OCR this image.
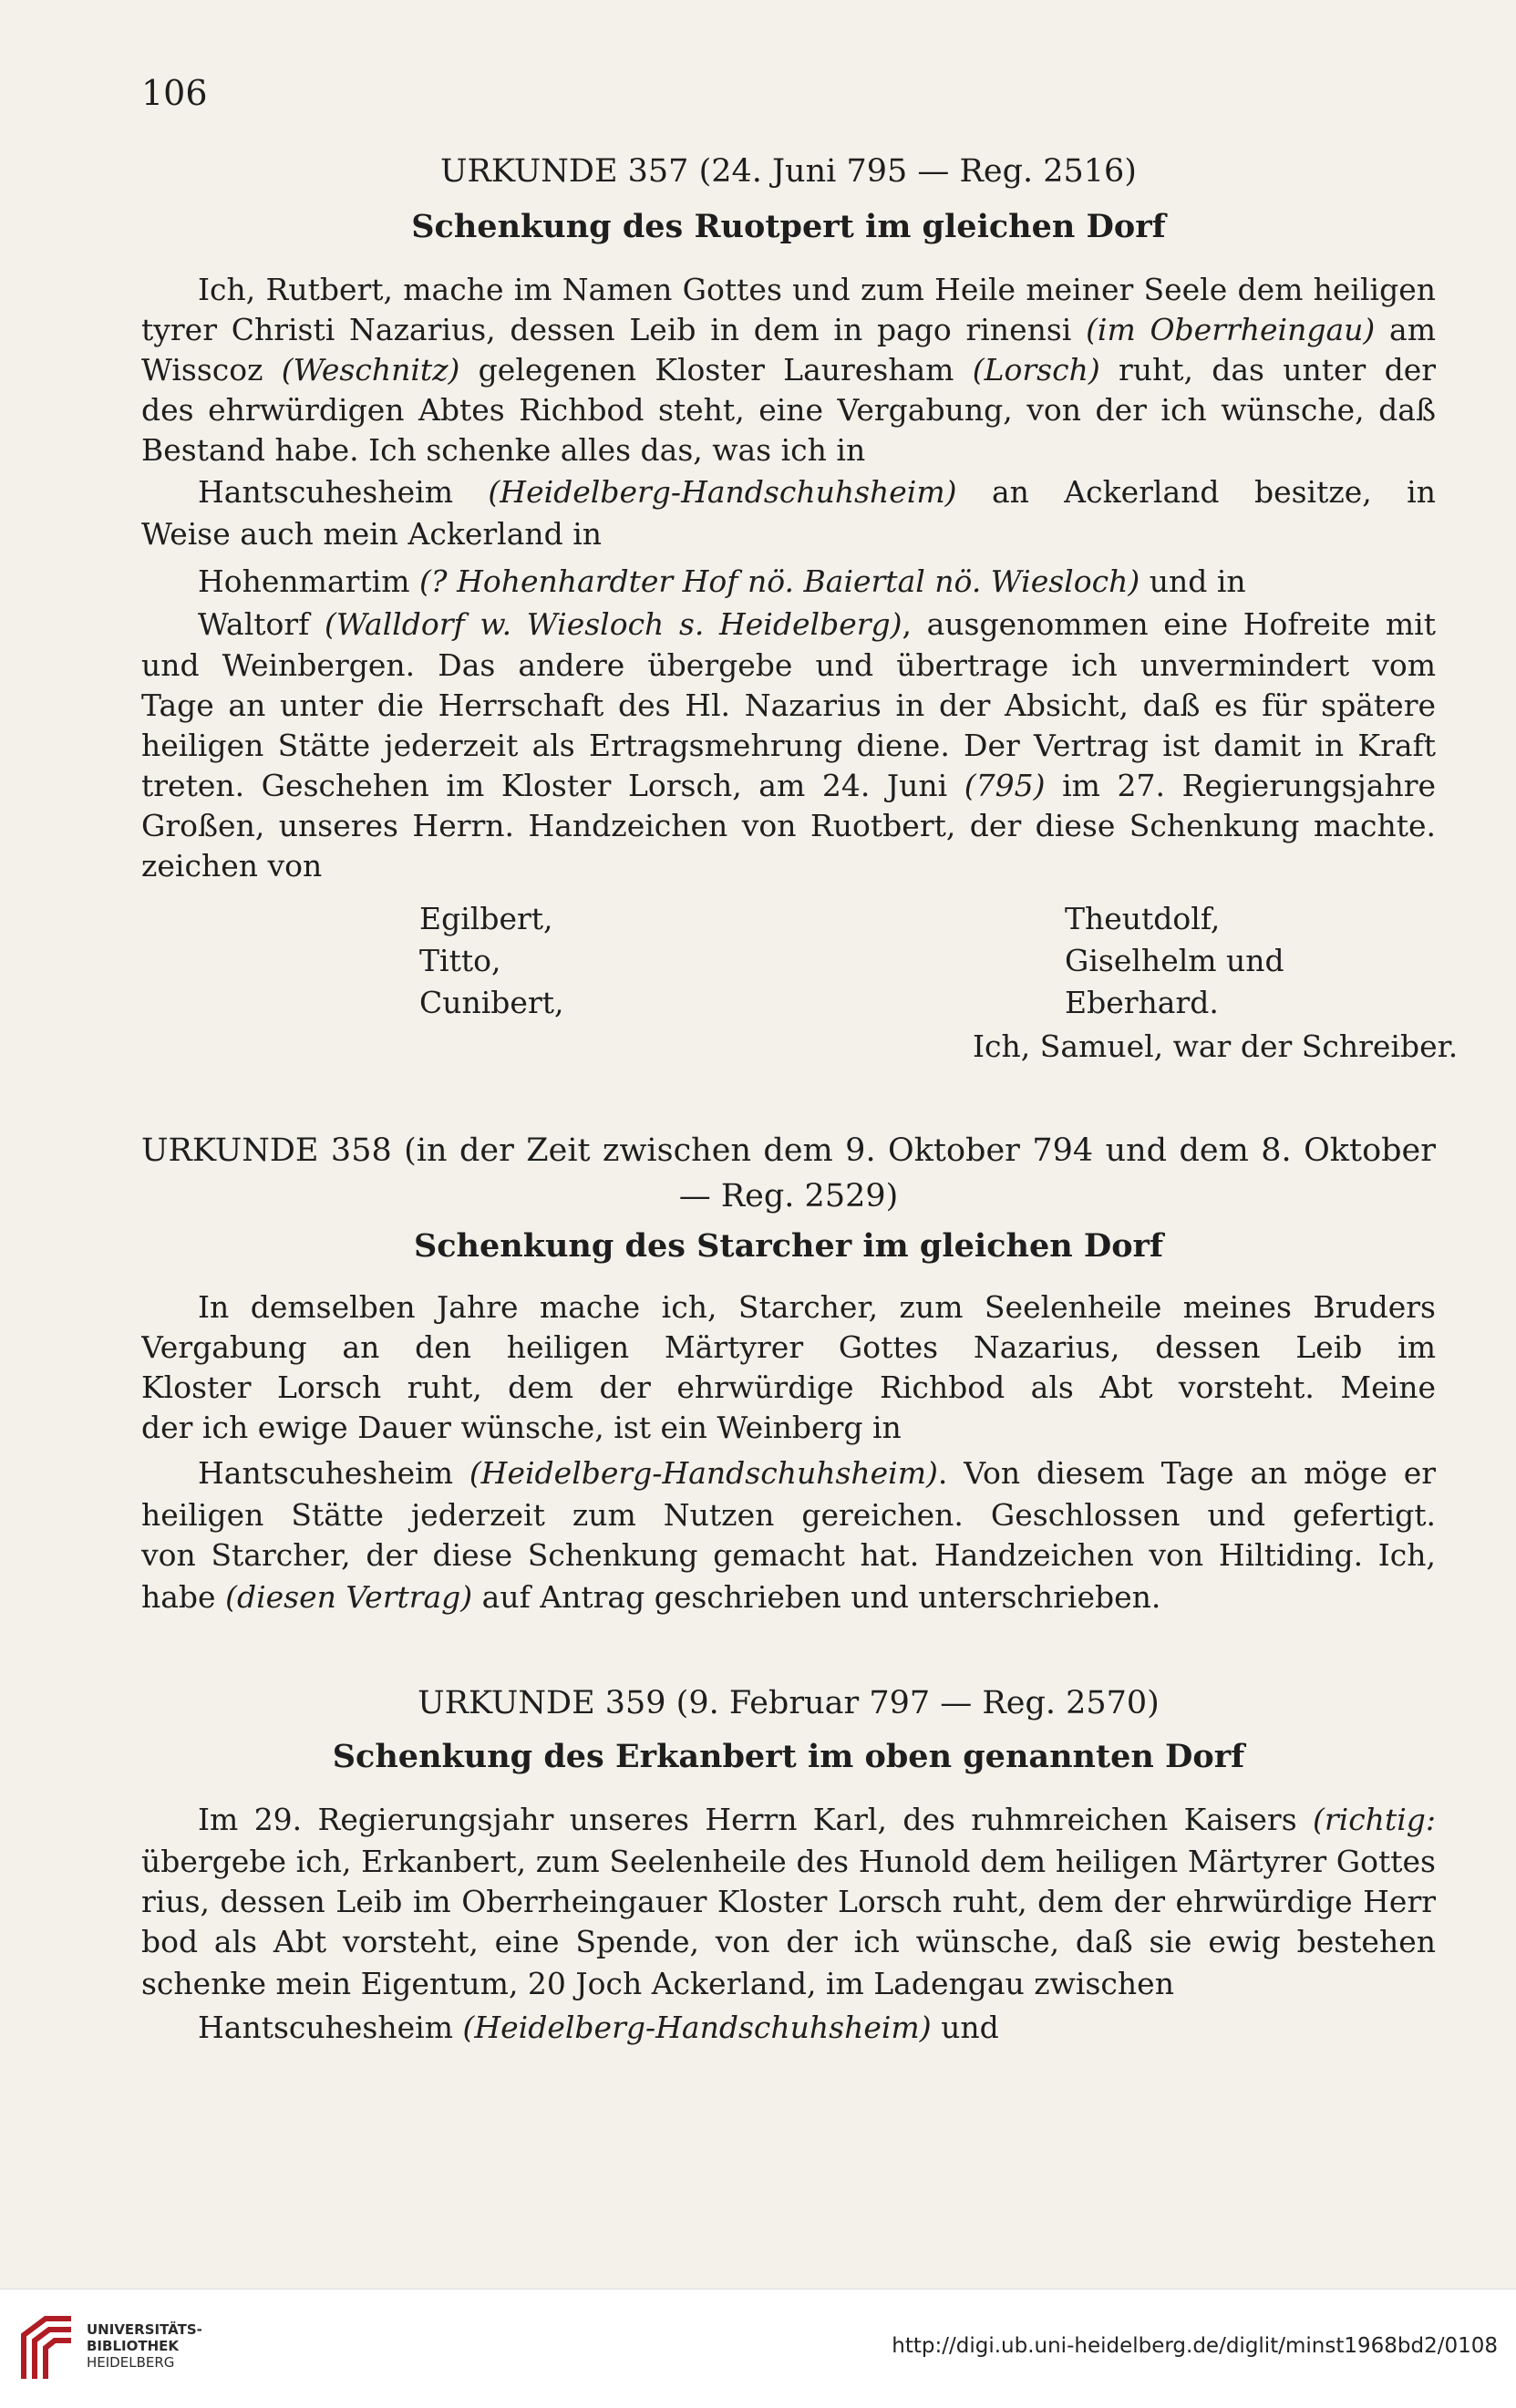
106
URKUNDE 357 (24. Juni 795 — Reg. 2516)
Schenkung des Ruotpert im gleichen Dorf
Ich, Rutbert, mache im Namen Gottes und zum Heile meiner Seele dem heiligen
tyrer Christi Nazarius, dessen Leib in dem in pago rinensi (im Oberrheingau) am
Wisscoz (Weschnitz) gelegenen Kloster Lauresham (Lorsch) ruht, das unter der
des ehrwürdigen Abtes Richbod steht, eine Vergabung, von der ich wünsche, daß
Bestand habe. Ich schenke alles das, was ich in
Hantscuhesheim (Heidelberg-Handschuhsheim) an Ackerland besitze, in
Weise auch mein Ackerland in
Hohenmartim (? Hohenhardter Hof nö. Baiertal nö. Wiesloch) und in
Waltorf (Walldorf w. Wiesloch s. Heidelberg), ausgenommen eine Hofreite mit
und Weinbergen. Das andere übergebe und übertrage ich unvermindert vom
Tage an unter die Herrschaft des Hl. Nazarius in der Absicht, daß es für spätere
heiligen Stätte jederzeit als Ertragsmehrung diene. Der Vertrag ist damit in Kraft
treten. Geschehen im Kloster Lorsch, am 24. Juni (795) im 27. Regierungsjahre
Großen, unseres Herrn. Handzeichen von Ruotbert, der diese Schenkung machte.
zeichen von
Egilbert,
Titto,
Cunibert,
Theutdolf,
Giselhelm und
Eberhard.
Ich, Samuel, war der Schreiber.
URKUNDE 358 (in der Zeit zwischen dem 9. Oktober 794 und dem 8. Oktober
— Reg. 2529)
Schenkung des Starcher im gleichen Dorf
In demselben Jahre mache ich, Starcher, zum Seelenheile meines Bruders
Vergabung an den heiligen Märtyrer Gottes Nazarius, dessen Leib im
Kloster Lorsch ruht, dem der ehrwürdige Richbod als Abt vorsteht. Meine
der ich ewige Dauer wünsche, ist ein Weinberg in
Hantscuhesheim (Heidelberg-Handschuhsheim). Von diesem Tage an möge er
heiligen Stätte jederzeit zum Nutzen gereichen. Geschlossen und gefertigt.
von Starcher, der diese Schenkung gemacht hat. Handzeichen von Hiltiding. Ich,
habe (diesen Vertrag) auf Antrag geschrieben und unterschrieben.
URKUNDE 359 (9. Februar 797 — Reg. 2570)
Schenkung des Erkanbert im oben genannten Dorf
Im 29. Regierungsjahr unseres Herrn Karl, des ruhmreichen Kaisers (richtig:
übergebe ich, Erkanbert, zum Seelenheile des Hunold dem heiligen Märtyrer Gottes
rius, dessen Leib im Oberrheingauer Kloster Lorsch ruht, dem der ehrwürdige Herr
bod als Abt vorsteht, eine Spende, von der ich wünsche, daß sie ewig bestehen
schenke mein Eigentum, 20 Joch Ackerland, im Ladengau zwischen
Hantscuhesheim (Heidelberg-Handschuhsheim) und
UNIVERSITÄTS-
BIBLIOTHEK
HEIDELBERG
http://digi.ub.uni-heidelberg.de/diglit/minst1968bd2/0108
